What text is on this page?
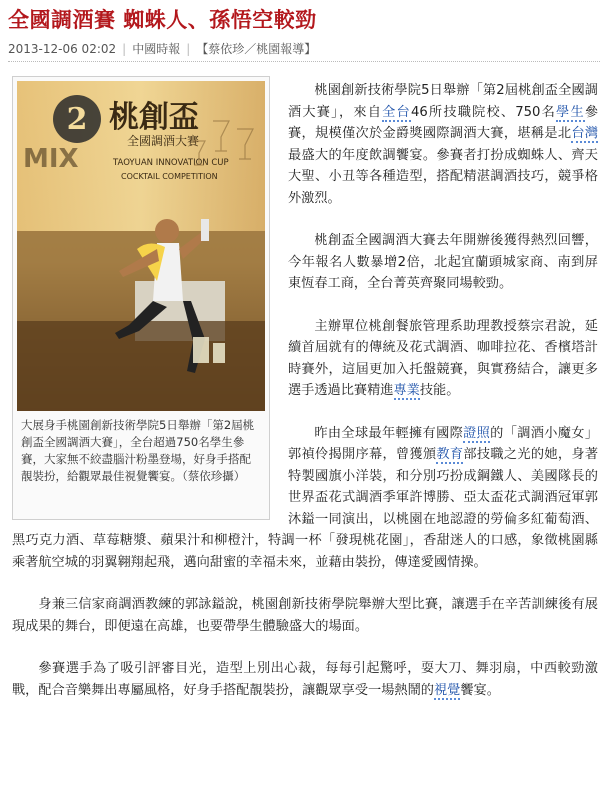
全國調酒賽 蜘蛛人、孫悟空較勁
2013-12-06 02:02 | 中國時報 | 【蔡依珍／桃園報導】
2 桃創盃
全國調酒大賽
MIX	TAOYUAN INNOVATION CUP
COCKTAIL COMPETITION
大展身手桃園創新技術學院5日舉辦「第2屆桃創盃全國調酒大賽」，全台超過750名學生參賽，大家無不絞盡腦汁粉墨登場，好身手搭配靚裝扮，給觀眾最佳視覺饗宴。（蔡依珍攝）

桃園創新技術學院5日舉辦「第2屆桃創盃全國調酒大賽」，來自全台46所技職院校、750名學生參賽，規模僅次於金爵獎國際調酒大賽，堪稱是北台灣最盛大的年度飲調饗宴。參賽者打扮成蜘蛛人、齊天大聖、小丑等各種造型，搭配精湛調酒技巧，競爭格外激烈。

桃創盃全國調酒大賽去年開辦後獲得熱烈回響，今年報名人數暴增2倍，北起宜蘭頭城家商、南到屏東恆春工商，全台菁英齊聚同場較勁。

主辦單位桃創餐旅管理系助理教授蔡宗君說，延續首屆就有的傳統及花式調酒、咖啡拉花、香檳塔計時賽外，這屆更加入托盤競賽，與實務結合，讓更多選手透過比賽精進專業技能。

昨由全球最年輕擁有國際證照的「調酒小魔女」郭禎伶揭開序幕，曾獲頒教育部技職之光的她，身著特製國旗小洋裝，和分別巧扮成鋼鐵人、美國隊長的世界盃花式調酒季軍許博勝、亞太盃花式調酒冠軍郭沐鎰一同演出，以桃園在地認證的勞倫多紅葡萄酒、黑巧克力酒、草莓糖漿、蘋果汁和柳橙汁，特調一杯「發現桃花園」，香甜迷人的口感，象徵桃園縣乘著航空城的羽翼翱翔起飛，邁向甜蜜的幸福未來，並藉由裝扮，傳達愛國情操。

身兼三信家商調酒教練的郭詠鎰說，桃園創新技術學院舉辦大型比賽，讓選手在辛苦訓練後有展現成果的舞台，即便遠在高雄，也要帶學生體驗盛大的場面。

參賽選手為了吸引評審目光，造型上別出心裁，每每引起驚呼，耍大刀、舞羽扇，中西較勁激戰，配合音樂舞出專屬風格，好身手搭配靚裝扮，讓觀眾享受一場熱鬧的視覺饗宴。
